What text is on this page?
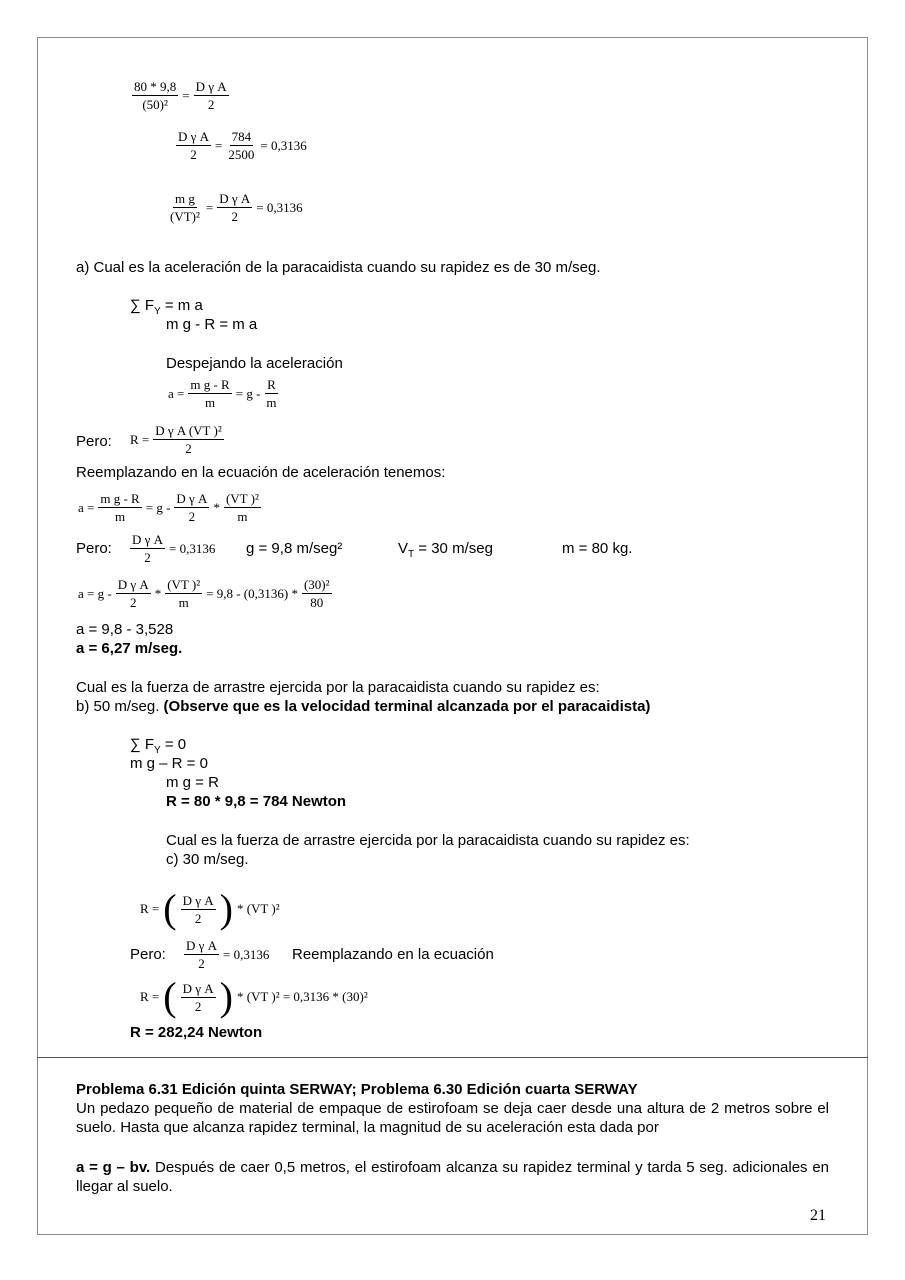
$\frac{80 * 9,8}{\text{(50)²}} = \frac{\text{D γ A}}{2}$
$\frac{\text{D γ A}}{2} = \frac{784}{2500} = 0,3136$
$\frac{\text{m g}}{\text{(VT)²}} = \frac{\text{D γ A}}{2} = 0,3136$
a) Cual es la aceleración de la paracaidista cuando su rapidez es de 30 m/seg.
∑ $F_Y = m$ a
m g - R = m a
Despejando la aceleración
$a = \frac{\text{m g - R}}{m} = g - \frac{R}{m}$
Pero: $R = \frac{\text{D γ A (VT )²}}{2}$
Reemplazando en la ecuación de aceleración tenemos:
$a = \frac{\text{m g - R}}{m} = g - \frac{\text{D γ A}}{2} * \frac{\text{(VT )²}}{m}$
Pero: $\frac{\text{D γ A}}{2} = 0,3136$ g = 9,8 m/seg²	$V_T = 30$ m/seg	m = 80 kg.
$a = g - \frac{\text{D γ A}}{2} * \frac{\text{(VT )²}}{m} = 9,8 - (0,3136) * \frac{\text{(30)²}}{80}$
a = 9,8 - 3,528
a = 6,27 m/seg.
Cual es la fuerza de arrastre ejercida por la paracaidista cuando su rapidez es:
b) 50 m/seg. (Observe que es la velocidad terminal alcanzada por el paracaidista)
∑ $F_Y = 0$
m g – R = 0
m g = R
R = 80 * 9,8 = 784 Newton
Cual es la fuerza de arrastre ejercida por la paracaidista cuando su rapidez es:
c) 30 m/seg.
R = ( $\frac{\text{D γ A}}{2}$ ) * (VT )²
Pero: $\frac{\text{D γ A}}{2} = 0,3136$ Reemplazando en la ecuación
R = ( $\frac{\text{D γ A}}{2}$ ) * (VT )² = 0,3136 * (30)²
R = 282,24 Newton
Problema 6.31 Edición quinta SERWAY; Problema 6.30 Edición cuarta SERWAY
Un pedazo pequeño de material de empaque de estirofoam se deja caer desde una altura de 2 metros sobre el suelo. Hasta que alcanza rapidez terminal, la magnitud de su aceleración esta dada por
a = g – bv. Después de caer 0,5 metros, el estirofoam alcanza su rapidez terminal y tarda 5 seg. adicionales en llegar al suelo.
21
